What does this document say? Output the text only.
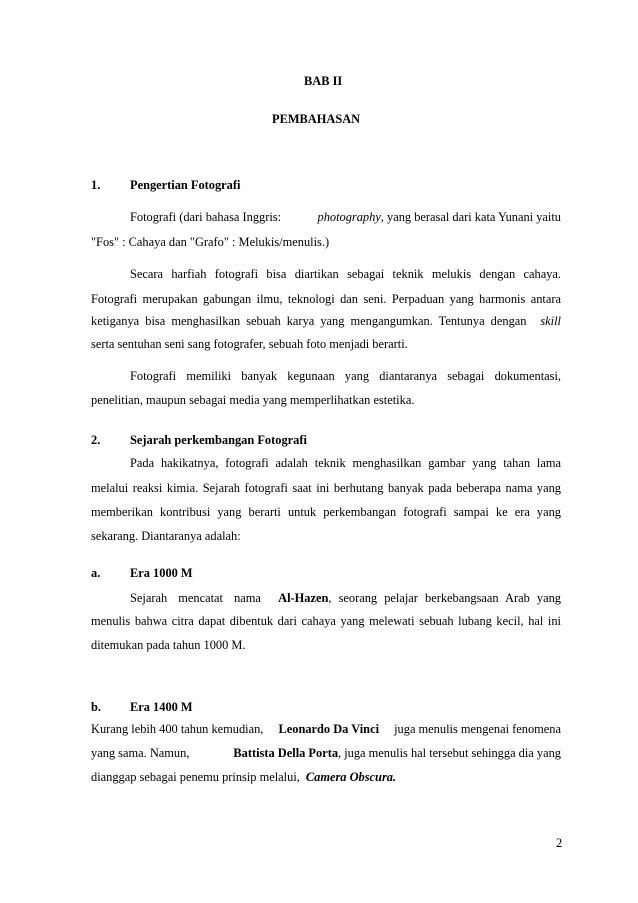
BAB II
PEMBAHASAN
1. Pengertian Fotografi
Fotografi (dari bahasa Inggris:	photography, yang berasal dari kata Yunani yaitu
"Fos" : Cahaya dan "Grafo" : Melukis/menulis.)
Secara harfiah fotografi bisa diartikan sebagai teknik melukis dengan cahaya.
Fotografi merupakan gabungan ilmu, teknologi dan seni. Perpaduan yang harmonis antara
ketiganya bisa menghasilkan sebuah karya yang mengangumkan. Tentunya dengan skill
serta sentuhan seni sang fotografer, sebuah foto menjadi berarti.
Fotografi memiliki banyak kegunaan yang diantaranya sebagai dokumentasi,
penelitian, maupun sebagai media yang memperlihatkan estetika.
2. Sejarah perkembangan Fotografi
Pada hakikatnya, fotografi adalah teknik menghasilkan gambar yang tahan lama
melalui reaksi kimia. Sejarah fotografi saat ini berhutang banyak pada beberapa nama yang
memberikan kontribusi yang berarti untuk perkembangan fotografi sampai ke era yang
sekarang. Diantaranya adalah:
a. Era 1000 M
Sejarah mencatat nama Al-Hazen, seorang pelajar berkebangsaan Arab yang
menulis bahwa citra dapat dibentuk dari cahaya yang melewati sebuah lubang kecil, hal ini
ditemukan pada tahun 1000 M.
b. Era 1400 M
Kurang lebih 400 tahun kemudian, Leonardo Da Vinci juga menulis mengenai fenomena
yang sama. Namun,	Battista Della Porta, juga menulis hal tersebut sehingga dia yang
dianggap sebagai penemu prinsip melalui, Camera Obscura.
2
